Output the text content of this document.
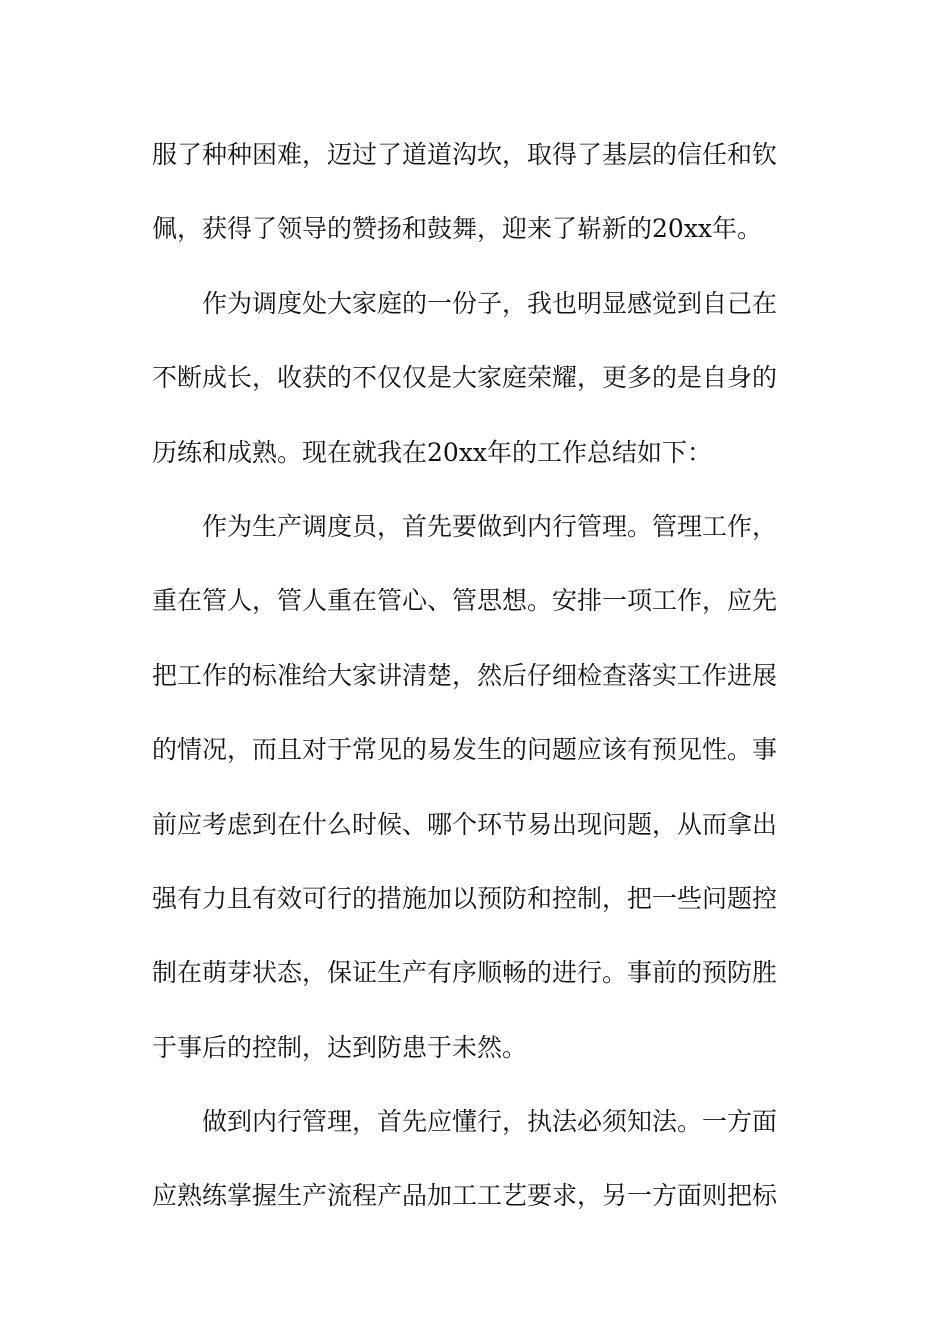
服了种种困难，迈过了道道沟坎，取得了基层的信任和钦
佩，获得了领导的赞扬和鼓舞，迎来了崭新的20xx年。
作为调度处大家庭的一份子，我也明显感觉到自己在
不断成长，收获的不仅仅是大家庭荣耀，更多的是自身的
历练和成熟。现在就我在20xx年的工作总结如下：
作为生产调度员，首先要做到内行管理。管理工作，
重在管人，管人重在管心、管思想。安排一项工作，应先
把工作的标准给大家讲清楚，然后仔细检查落实工作进展
的情况，而且对于常见的易发生的问题应该有预见性。事
前应考虑到在什么时候、哪个环节易出现问题，从而拿出
强有力且有效可行的措施加以预防和控制，把一些问题控
制在萌芽状态，保证生产有序顺畅的进行。事前的预防胜
于事后的控制，达到防患于未然。
做到内行管理，首先应懂行，执法必须知法。一方面
应熟练掌握生产流程产品加工工艺要求，另一方面则把标
